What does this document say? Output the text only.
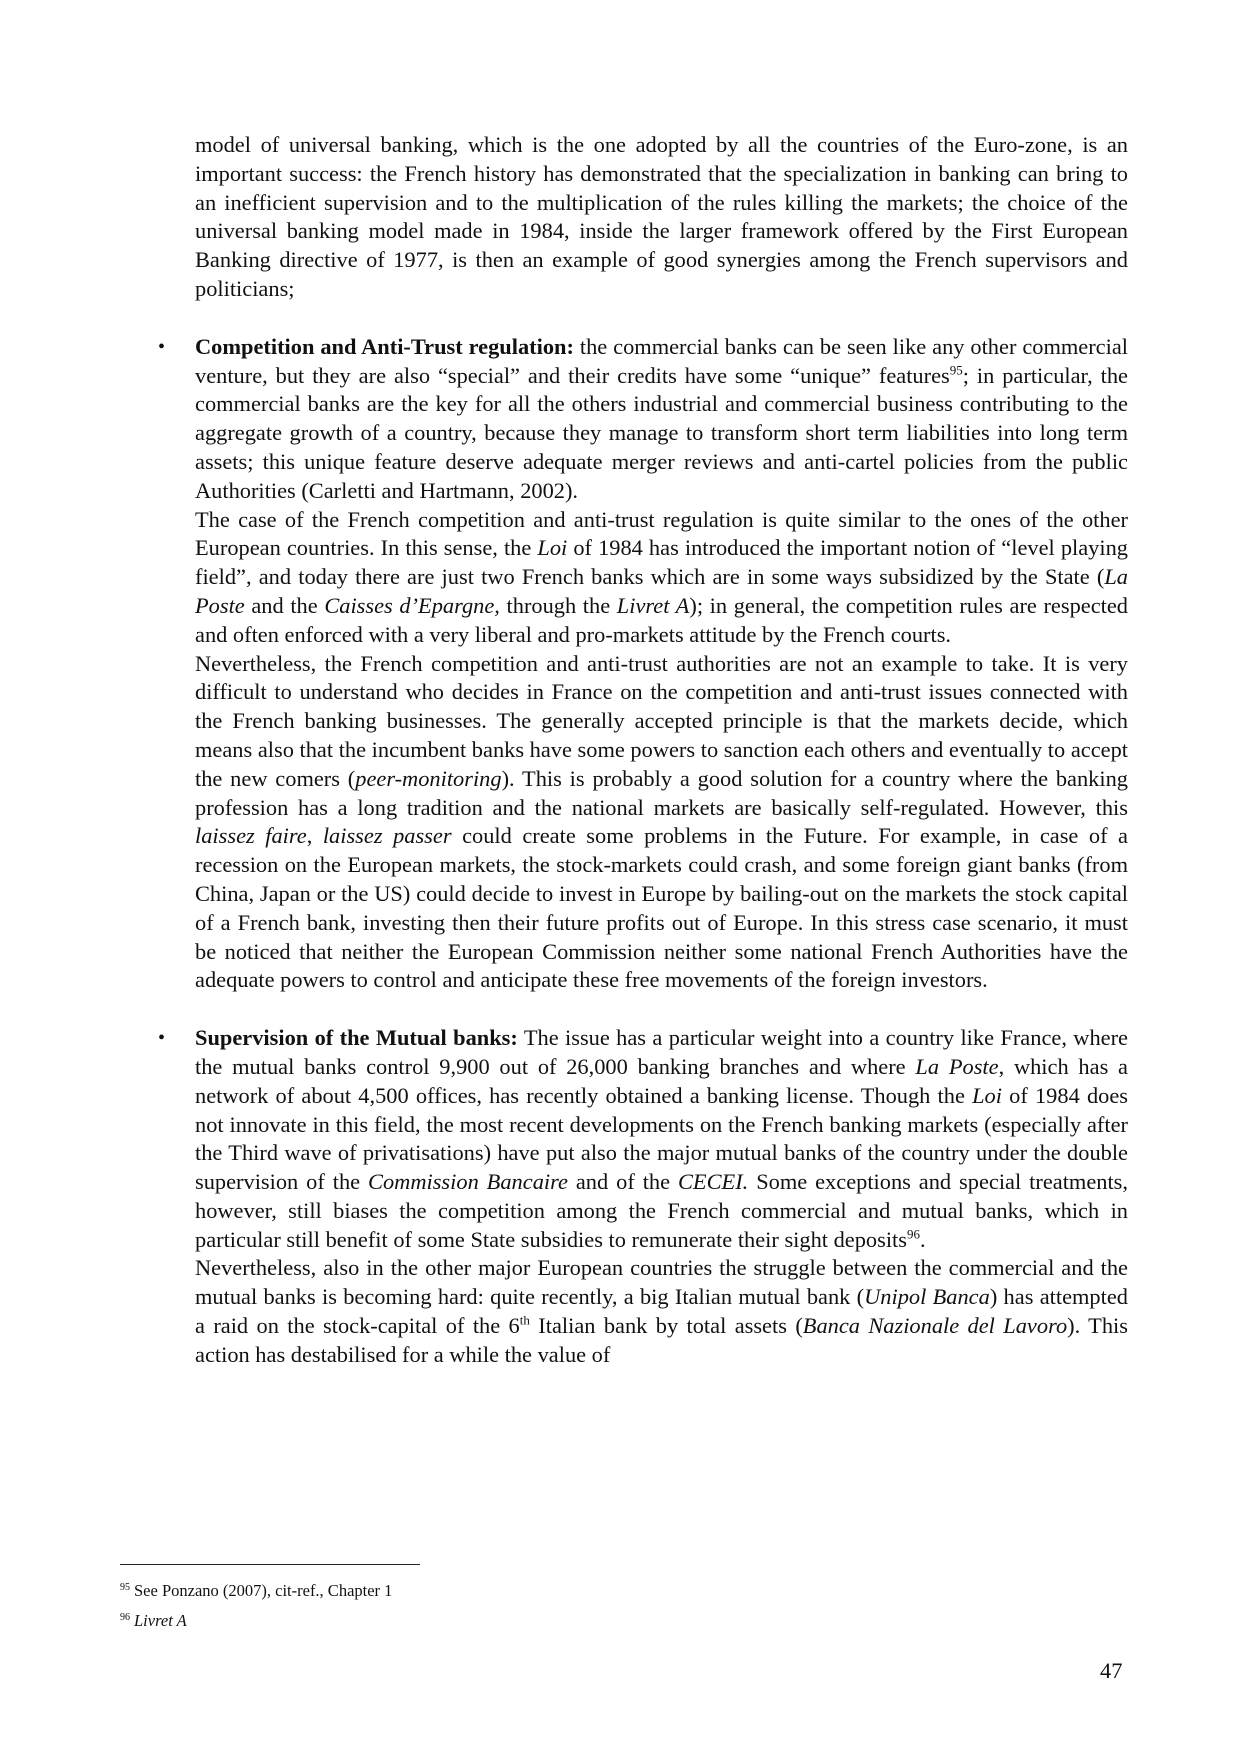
model of universal banking, which is the one adopted by all the countries of the Euro-zone, is an important success: the French history has demonstrated that the specialization in banking can bring to an inefficient supervision and to the multiplication of the rules killing the markets; the choice of the universal banking model made in 1984, inside the larger framework offered by the First European Banking directive of 1977, is then an example of good synergies among the French supervisors and politicians;

• Competition and Anti-Trust regulation: the commercial banks can be seen like any other commercial venture, but they are also “special” and their credits have some “unique” features$^{95}$; in particular, the commercial banks are the key for all the others industrial and commercial business contributing to the aggregate growth of a country, because they manage to transform short term liabilities into long term assets; this unique feature deserve adequate merger reviews and anti-cartel policies from the public Authorities (Carletti and Hartmann, 2002).

The case of the French competition and anti-trust regulation is quite similar to the ones of the other European countries. In this sense, the Loi of 1984 has introduced the important notion of “level playing field”, and today there are just two French banks which are in some ways subsidized by the State (La Poste and the Caisses d’Epargne, through the Livret A); in general, the competition rules are respected and often enforced with a very liberal and pro-markets attitude by the French courts.

Nevertheless, the French competition and anti-trust authorities are not an example to take. It is very difficult to understand who decides in France on the competition and anti-trust issues connected with the French banking businesses. The generally accepted principle is that the markets decide, which means also that the incumbent banks have some powers to sanction each others and eventually to accept the new comers (peer-monitoring). This is probably a good solution for a country where the banking profession has a long tradition and the national markets are basically self-regulated. However, this laissez faire, laissez passer could create some problems in the Future. For example, in case of a recession on the European markets, the stock-markets could crash, and some foreign giant banks (from China, Japan or the US) could decide to invest in Europe by bailing-out on the markets the stock capital of a French bank, investing then their future profits out of Europe. In this stress case scenario, it must be noticed that neither the European Commission neither some national French Authorities have the adequate powers to control and anticipate these free movements of the foreign investors.

• Supervision of the Mutual banks: The issue has a particular weight into a country like France, where the mutual banks control 9,900 out of 26,000 banking branches and where La Poste, which has a network of about 4,500 offices, has recently obtained a banking license. Though the Loi of 1984 does not innovate in this field, the most recent developments on the French banking markets (especially after the Third wave of privatisations) have put also the major mutual banks of the country under the double supervision of the Commission Bancaire and of the CECEI. Some exceptions and special treatments, however, still biases the competition among the French commercial and mutual banks, which in particular still benefit of some State subsidies to remunerate their sight deposits$^{96}$.

Nevertheless, also in the other major European countries the struggle between the commercial and the mutual banks is becoming hard: quite recently, a big Italian mutual bank (Unipol Banca) has attempted a raid on the stock-capital of the 6th Italian bank by total assets (Banca Nazionale del Lavoro). This action has destabilised for a while the value of

$^{95}$ See Ponzano (2007), cit-ref., Chapter 1
$^{96}$ Livret A
47
